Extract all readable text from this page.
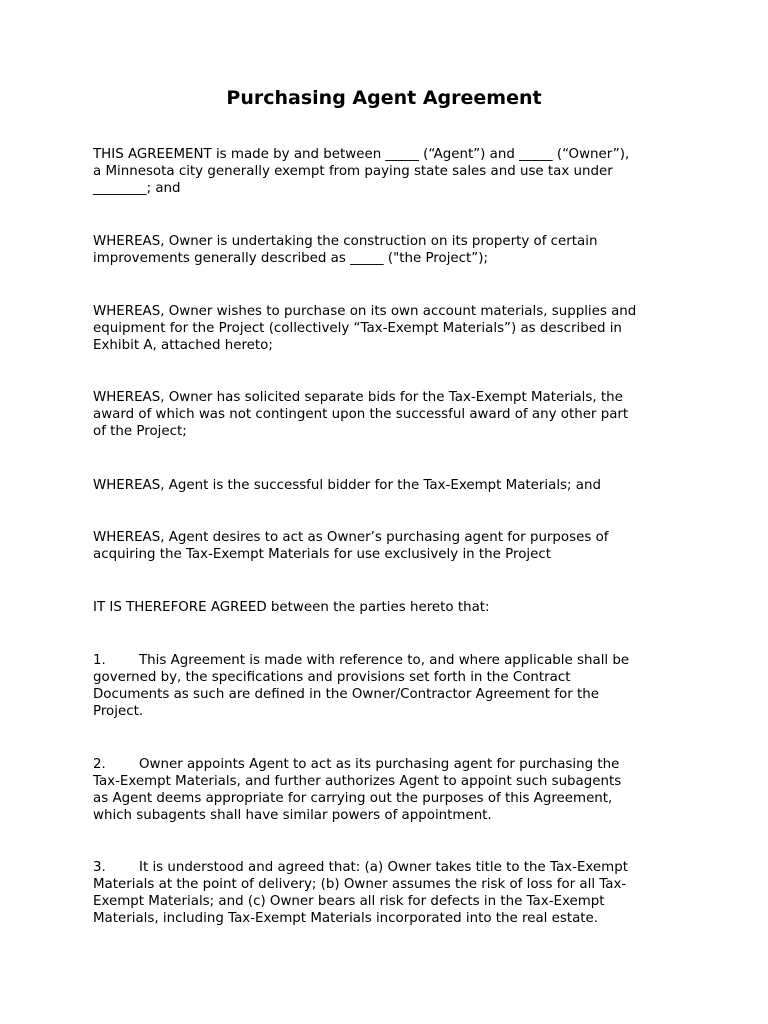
Purchasing Agent Agreement

THIS AGREEMENT is made by and between _____ (“Agent”) and _____ (“Owner”),
a Minnesota city generally exempt from paying state sales and use tax under
________; and

WHEREAS, Owner is undertaking the construction on its property of certain
improvements generally described as _____ ("the Project”);

WHEREAS, Owner wishes to purchase on its own account materials, supplies and
equipment for the Project (collectively “Tax-Exempt Materials”) as described in
Exhibit A, attached hereto;

WHEREAS, Owner has solicited separate bids for the Tax-Exempt Materials, the
award of which was not contingent upon the successful award of any other part
of the Project;

WHEREAS, Agent is the successful bidder for the Tax-Exempt Materials; and

WHEREAS, Agent desires to act as Owner’s purchasing agent for purposes of
acquiring the Tax-Exempt Materials for use exclusively in the Project

IT IS THEREFORE AGREED between the parties hereto that:

1. This Agreement is made with reference to, and where applicable shall be
governed by, the specifications and provisions set forth in the Contract
Documents as such are defined in the Owner/Contractor Agreement for the
Project.

2. Owner appoints Agent to act as its purchasing agent for purchasing the
Tax-Exempt Materials, and further authorizes Agent to appoint such subagents
as Agent deems appropriate for carrying out the purposes of this Agreement,
which subagents shall have similar powers of appointment.

3. It is understood and agreed that: (a) Owner takes title to the Tax-Exempt
Materials at the point of delivery; (b) Owner assumes the risk of loss for all Tax-
Exempt Materials; and (c) Owner bears all risk for defects in the Tax-Exempt
Materials, including Tax-Exempt Materials incorporated into the real estate.
